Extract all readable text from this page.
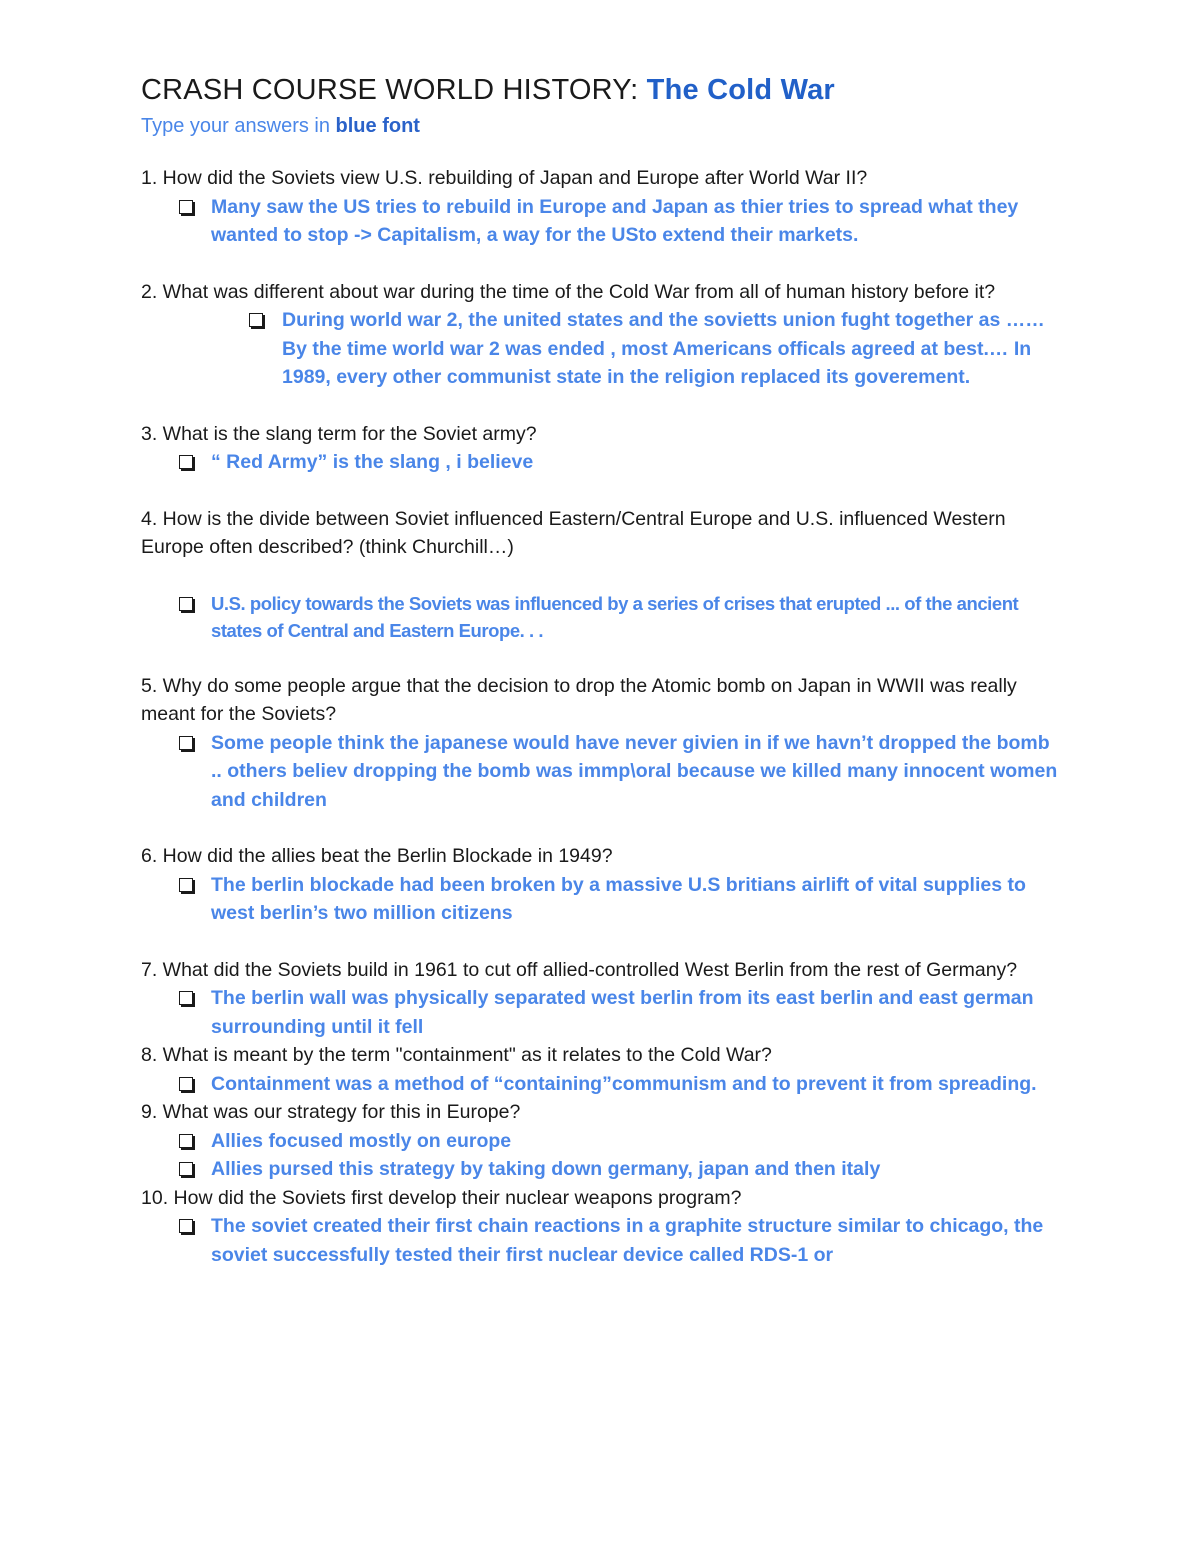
CRASH COURSE WORLD HISTORY: The Cold War
Type your answers in blue font

1. How did the Soviets view U.S. rebuilding of Japan and Europe after World War II?

Many saw the US tries to rebuild in Europe and Japan as thier tries to spread what they wanted to stop -> Capitalism, a way for the USto extend their markets.

2. What was different about war during the time of the Cold War from all of human history before it?

During world war 2, the united states and the sovietts union fught together as ……By the time world war 2 was ended , most Americans officals agreed at best.… In 1989, every other communist state in the religion replaced its goverement.

3. What is the slang term for the Soviet army?

“ Red Army” is the slang , i believe

4. How is the divide between Soviet influenced Eastern/Central Europe and U.S. influenced Western Europe often described? (think Churchill…)

U.S. policy towards the Soviets was influenced by a series of crises that erupted ... of the ancient states of Central and Eastern Europe. . .

5. Why do some people argue that the decision to drop the Atomic bomb on Japan in WWII was really meant for the Soviets?

Some people think the japanese would have never givien in if we havn’t dropped the bomb .. others believ dropping the bomb was immp\oral because we killed many innocent women and children

6. How did the allies beat the Berlin Blockade in 1949?

The berlin blockade had been broken by a massive U.S britians airlift of vital supplies to west berlin’s two million citizens

7. What did the Soviets build in 1961 to cut off allied-controlled West Berlin from the rest of Germany?

The berlin wall was physically separated west berlin from its east berlin and east german surrounding until it fell

8. What is meant by the term "containment" as it relates to the Cold War?

Containment was a method of “containing”communism and to prevent it from spreading.

9. What was our strategy for this in Europe?

Allies focused mostly on europe
Allies pursed this strategy by taking down germany, japan and then italy

10. How did the Soviets first develop their nuclear weapons program?

The soviet created their first chain reactions in a graphite structure similar to chicago, the soviet successfully tested their first nuclear device called RDS-1 or
